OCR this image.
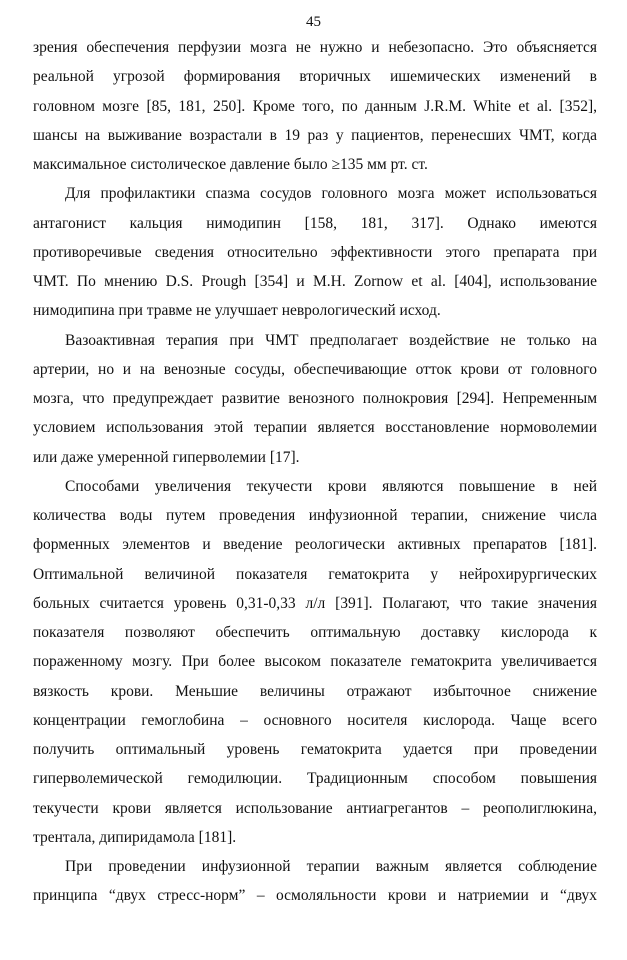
45
зрения обеспечения перфузии мозга не нужно и небезопасно. Это объясняется
реальной угрозой формирования вторичных ишемических изменений в
головном мозге [85, 181, 250]. Кроме того, по данным J.R.M. White et al. [352],
шансы на выживание возрастали в 19 раз у пациентов, перенесших ЧМТ, когда
максимальное систолическое давление было ≥135 мм рт. ст.
Для профилактики спазма сосудов головного мозга может использоваться
антагонист кальция нимодипин [158, 181, 317]. Однако имеются
противоречивые сведения относительно эффективности этого препарата при
ЧМТ. По мнению D.S. Prough [354] и M.H. Zornow et al. [404], использование
нимодипина при травме не улучшает неврологический исход.
Вазоактивная терапия при ЧМТ предполагает воздействие не только на
артерии, но и на венозные сосуды, обеспечивающие отток крови от головного
мозга, что предупреждает развитие венозного полнокровия [294]. Непременным
условием использования этой терапии является восстановление нормоволемии
или даже умеренной гиперволемии [17].
Способами увеличения текучести крови являются повышение в ней
количества воды путем проведения инфузионной терапии, снижение числа
форменных элементов и введение реологически активных препаратов [181].
Оптимальной величиной показателя гематокрита у нейрохирургических
больных считается уровень 0,31-0,33 л/л [391]. Полагают, что такие значения
показателя позволяют обеспечить оптимальную доставку кислорода к
пораженному мозгу. При более высоком показателе гематокрита увеличивается
вязкость крови. Меньшие величины отражают избыточное снижение
концентрации гемоглобина – основного носителя кислорода. Чаще всего
получить оптимальный уровень гематокрита удается при проведении
гиперволемической гемодилюции. Традиционным способом повышения
текучести крови является использование антиагрегантов – реополиглюкина,
трентала, дипиридамола [181].
При проведении инфузионной терапии важным является соблюдение
принципа “двух стресс-норм” – осмоляльности крови и натриемии и “двух
